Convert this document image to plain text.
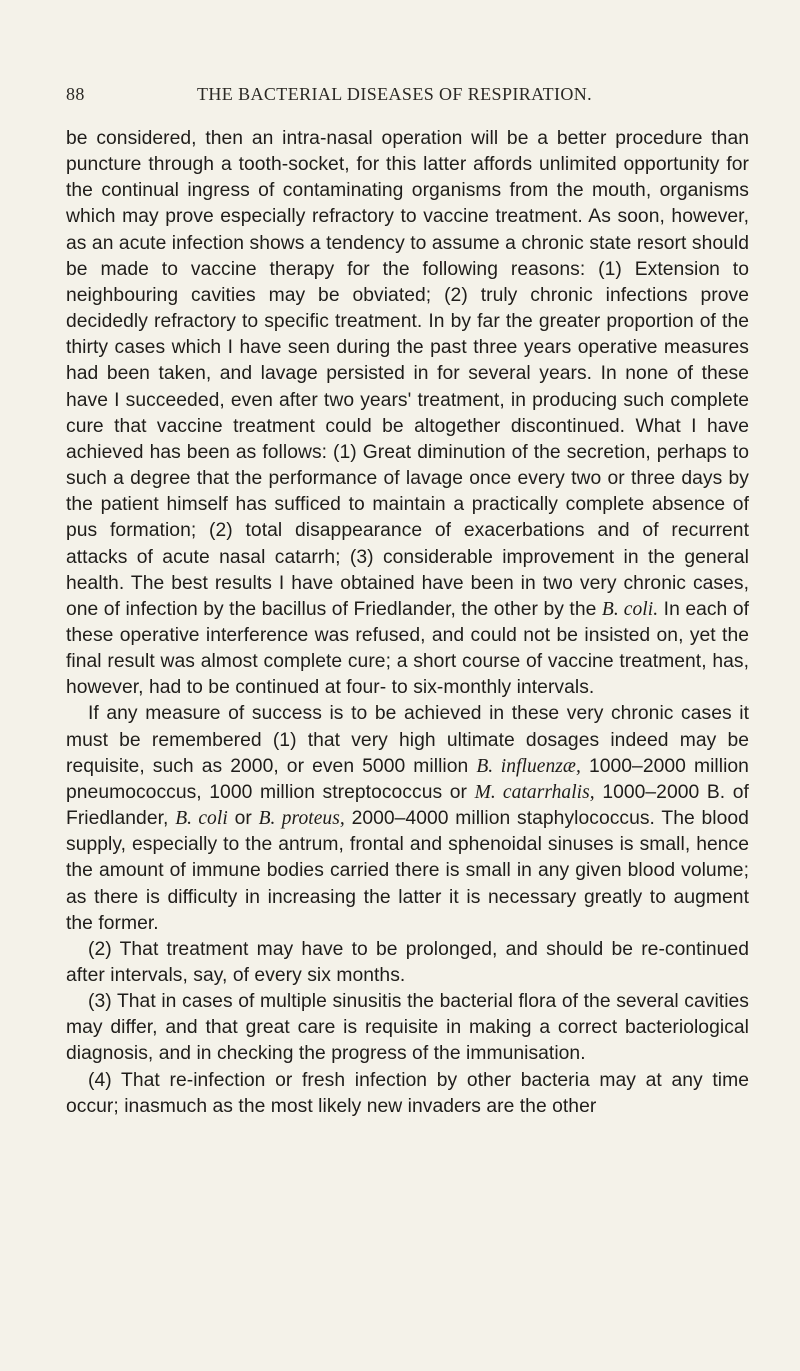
88	THE BACTERIAL DISEASES OF RESPIRATION.

be considered, then an intra-nasal operation will be a better procedure than puncture through a tooth-socket, for this latter affords unlimited opportunity for the continual ingress of contaminating organisms from the mouth, organisms which may prove especially refractory to vaccine treatment. As soon, however, as an acute infection shows a tendency to assume a chronic state resort should be made to vaccine therapy for the following reasons: (1) Extension to neighbouring cavities may be obviated; (2) truly chronic infections prove decidedly refractory to specific treatment. In by far the greater proportion of the thirty cases which I have seen during the past three years operative measures had been taken, and lavage persisted in for several years. In none of these have I succeeded, even after two years' treatment, in producing such complete cure that vaccine treatment could be altogether discontinued. What I have achieved has been as follows: (1) Great diminution of the secretion, perhaps to such a degree that the performance of lavage once every two or three days by the patient himself has sufficed to maintain a practically complete absence of pus formation; (2) total disappearance of exacerbations and of recurrent attacks of acute nasal catarrh; (3) considerable improvement in the general health. The best results I have obtained have been in two very chronic cases, one of infection by the bacillus of Friedlander, the other by the B. coli. In each of these operative interference was refused, and could not be insisted on, yet the final result was almost complete cure; a short course of vaccine treatment, has, however, had to be continued at four- to six-monthly intervals.

If any measure of success is to be achieved in these very chronic cases it must be remembered (1) that very high ultimate dosages indeed may be requisite, such as 2000, or even 5000 million B. influenzæ, 1000–2000 million pneumococcus, 1000 million streptococcus or M. catarrhalis, 1000–2000 B. of Friedlander, B. coli or B. proteus, 2000–4000 million staphylococcus. The blood supply, especially to the antrum, frontal and sphenoidal sinuses is small, hence the amount of immune bodies carried there is small in any given blood volume; as there is difficulty in increasing the latter it is necessary greatly to augment the former.

(2) That treatment may have to be prolonged, and should be re-continued after intervals, say, of every six months.

(3) That in cases of multiple sinusitis the bacterial flora of the several cavities may differ, and that great care is requisite in making a correct bacteriological diagnosis, and in checking the progress of the immunisation.

(4) That re-infection or fresh infection by other bacteria may at any time occur; inasmuch as the most likely new invaders are the other
